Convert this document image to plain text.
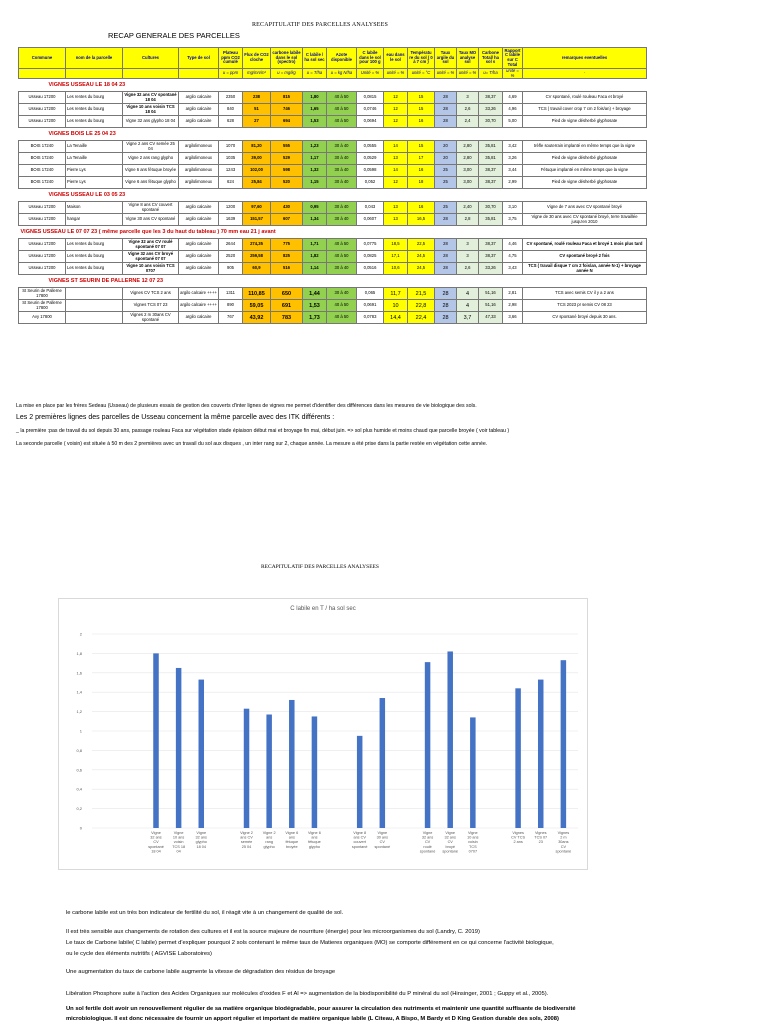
RECAPITULATIF DES PARCELLES ANALYSEES
RECAP GENERALE DES PARCELLES
Commune	nom de la parcelle	Cultures	Type de sol	Plateau ppm CO2 cumulé	Flux de CO2 cloche	carbone labile dans le sol (spectro)	C labile / ha sol sec	Azote disponible	C labile dans le sol pour 100 g	eau dans le sol	Températu re du sol ( 0 à 7 cm )	Taux argile du sol	Taux MO analyse sol	Carbone Total/ ha sol s	Rapport C labile sur C Total	remarques eventuelles
				u = ppm	mg/mn/m²	u = mg/kg	u = T/ha	u = kg N/ha	Unité = %	unité = %	unité = °C	unité = %	unité = %	u= T/ha	unité = %	-
VIGNES USSEAU LE 18 04 23																
Usseau 17200	Les rentes du bourg	Vigne 32 ans CV spontané 18 04	argilo calcaire	2350	238	815	1,80	40 à 50	0,0815	12	15	28	3	38,37	4,69	CV spontané, roulé rouleau Faca et broyé
Usseau 17200	Les rentes du bourg	Vigne 10 ans voisin TCS 18 04	argilo calcaire	840	51	746	1,65	40 à 50	0,0746	12	15	28	2,6	33,26	4,96	TCS ( travail cover crop 7 cm 2 fois/an) + broyage
Usseau 17200	Les rentes du bourg	Vigne 32 ans glypho 18 04	argilo calcaire	628	27	694	1,53	40 à 50	0,0694	12	16	28	2,4	30,70	5,00	Pied de vigne désherbé glyphosate
VIGNES BOIS LE 25 04 23																
BOIS 17240	La Tenaille	Vigne 2 ans CV semée 25 04	argilolimoneux	1070	81,20	555	1,23	30 à 40	0,0555	14	15	20	2,80	35,81	3,42	trèfle souterrain implanté en même temps que la vigne
BOIS 17240	La Tenaille	Vigne 2 ans rang glypho	argilolimoneux	1035	39,00	529	1,17	30 à 40	0,0529	13	17	20	2,80	35,81	3,26	Pied de vigne désherbé glyphosate
BOIS 17240	Pierre Lys	Vigne 6 ans fétuque broyée	argilolimoneux	1243	102,00	598	1,32	30 à 40	0,0598	14	16	25	3,00	38,37	3,44	Fétuque implanté en même temps que la vigne
BOIS 17240	Pierre Lys	Vigne 6 ans fétuque glypho	argilolimoneux	624	25,84	520	1,15	30 à 40	0,052	12	18	25	3,00	38,37	2,99	Pied de vigne désherbé glyphosate
VIGNES USSEAU LE 03 05 23																
Usseau 17200	Maison	Vigne 8 ans CV couvert spontané	argilo calcaire	1200	97,60	430	0,95	30 à 40	0,043	13	16	25	2,40	30,70	3,10	Vigne de 7 ans avec CV spontané broyé
Usseau 17200	hangar	Vigne 30 ans CV spontané	argilo calcaire	1639	151,57	607	1,34	30 à 40	0,0607	13	16,5	28	2,8	35,81	3,75	Vigne de 30 ans avec CV spontané broyé, terre travaillée jusqu'en 2010
VIGNES USSEAU LE 07 07 23 ( même parcelle que les 3 du haut du tableau ) 70 mm eau 21 j avant																
Usseau 17200	Les rentes du bourg	Vigne 32 ans CV roulé spontané 07 07	argilo calcaire	2644	274,35	775	1,71	40 à 50	0,0775	18,5	22,5	28	3	38,37	4,46	CV spontané, roulé rouleau Faca et broyé 1 mois plus tard
Usseau 17200	Les rentes du bourg	Vigne 32 ans CV broyé spontané 07 07	argilo calcaire	2520	259,58	825	1,82	40 à 50	0,0825	17,1	24,5	28	3	38,37	4,75	CV spontané broyé 2 fois
Usseau 17200	Les rentes du bourg	Vigne 10 ans voisin TCS 0707	argilo calcaire	905	60,9	516	1,14	30 à 40	0,0516	10,6	24,5	28	2,6	33,26	3,43	TCS ( travail disque 7 cm 2 fois/an, année N-1) + broyage année N
VIGNES ST SEURIN DE PALLERNE 12 07 23																
St Seurin de Pallerne 17800		Vignes CV TCS 2 ans	argilo calcaire ++++	1311	110,85	650	1,44	30 à 40	0,065	11,7	21,5	28	4	51,16	2,81	TCS avec semis CV il y a 2 ans
St Seurin de Pallerne 17800		Vignes TCS 07 23	argilo calcaire ++++	890	59,05	691	1,53	40 à 50	0,0691	10	22,8	28	4	51,16	2,98	TCS 2023 pr semis CV 08 23
Avy 17800		Vignes 2 m 30ans CV spontané	argilo calcaire	767	43,92	783	1,73	40 à 50	0,0783	14,4	22,4	28	3,7	47,33	3,66	CV spontané broyé depuis 30 ans.
La mise en place par les frères Sedeau (Usseau) de plusieurs essais de gestion des couverts d'inter lignes de vignes me permet d'identifier des différences dans les mesures de vie biologique des sols.
Les 2 premières lignes des parcelles de Usseau concernent la même parcelle avec des ITK différents :
_ la première :pas de travail du sol depuis 30 ans, passage rouleau Faca sur végétation stade épiaison début mai et broyage fin mai, début juin. => sol plus humide et moins chaud que parcelle broyée ( voir tableau )
La seconde parcelle ( voisin) est située à 50 m des 2 premières avec un travail du sol aux disques , un inter rang sur 2, chaque année. La mesure a été prise dans la partie restée en végétation cette année.
RECAPITULATIF DES PARCELLES ANALYSEES
C labile en T / ha sol sec
0
0,2
0,4
0,6
0,8
1
1,2
1,4
1,6
1,8
2
Vigne 32 ans CV spontané 18 04
Vigne 10 ans voisin TCS 18 04
Vigne 32 ans glypho 18 04
Vigne 2 ans CV semée 25 04
Vigne 2 ans rang glypho
Vigne 6 ans fétuque broyée
Vigne 6 ans fétuque glypho
Vigne 8 ans CV couvert spontané
Vigne 30 ans CV spontané
Vigne 32 ans CV roulé spontané
Vigne 32 ans CV broyé spontané
Vigne 10 ans voisin TCS 0707
Vignes CV TCS 2 ans
Vignes TCS 07 23
Vignes 2 m 30ans CV spontané
le carbone labile est un très bon indicateur de fertilité du sol, il réagit vite à un changement de qualité de sol.
Il est très sensible aux changements de rotation des cultures et il est la source majeure de nourriture (énergie) pour les microorganismes du sol (Landry, C. 2019)
Le taux de Carbone labile( C labile) permet d'expliquer pourquoi 2 sols contenant le même taux de Matieres organiques (MO) se comporte différement en ce qui concerne l'activité biologique,
ou le cycle des éléments nutritifs ( AGVISE Laboratoires)
Une augmentation du taux de carbone labile augmente la vitesse de dégradation des résidus de broyage
Libération Phosphore suite à l'action des Acides Organiques sur molécules d'oxides F et Al => augmentation de la biodisponibilité du P minéral du sol (Hinsinger, 2001 ; Guppy et al., 2005).
Un sol fertile doit avoir un renouvellement régulier de sa matière organique biodégradable, pour assurer la circulation des nutriments et maintenir une quantité suffisante de biodiversité
microbiologique. Il est donc nécessaire de fournir un apport régulier et important de matière organique labile (L Citeau, A Bispo, M Bardy et D King Gestion durable des sols, 2008)
